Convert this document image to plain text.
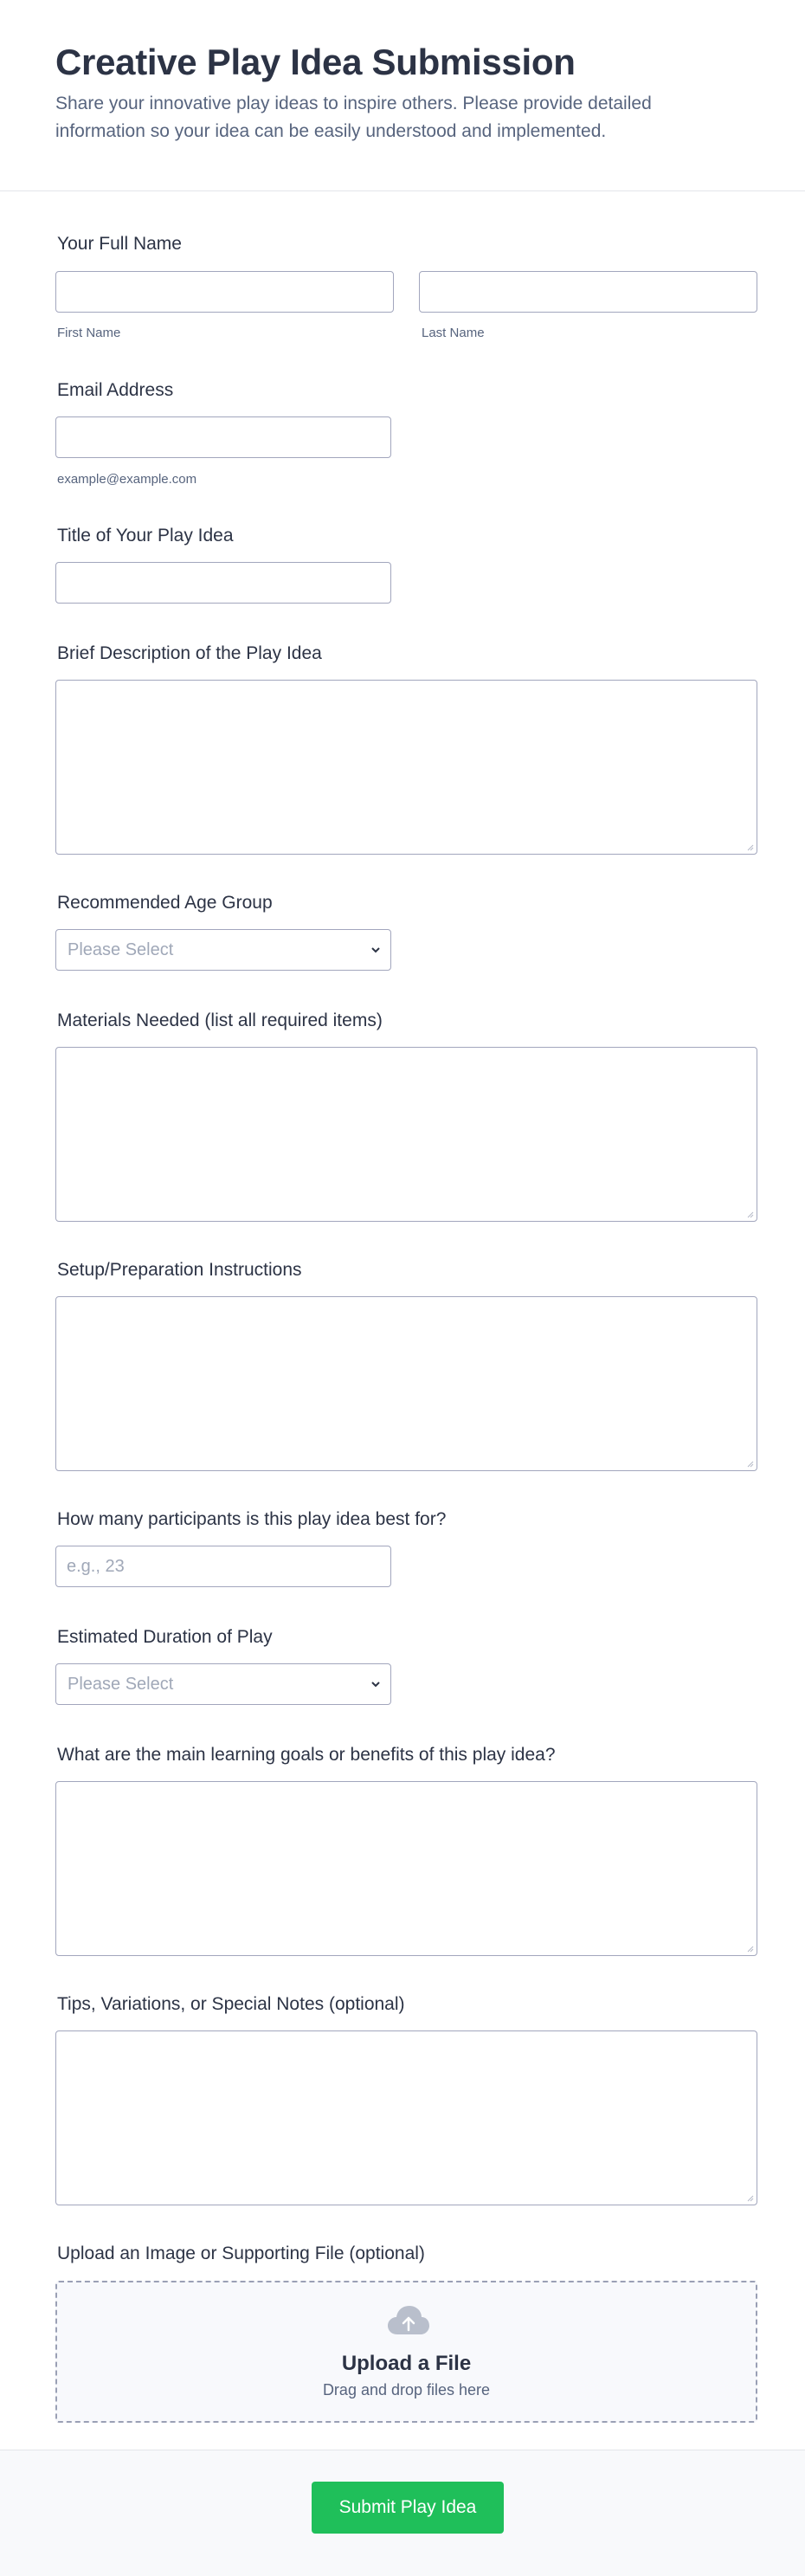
Creative Play Idea Submission
Share your innovative play ideas to inspire others. Please provide detailed information so your idea can be easily understood and implemented.
Your Full Name
First Name	Last Name
Email Address
example@example.com
Title of Your Play Idea
Brief Description of the Play Idea
Recommended Age Group
Please Select
Materials Needed (list all required items)
Setup/Preparation Instructions
How many participants is this play idea best for?
e.g., 23
Estimated Duration of Play
Please Select
What are the main learning goals or benefits of this play idea?
Tips, Variations, or Special Notes (optional)
Upload an Image or Supporting File (optional)
Upload a File
Drag and drop files here
Submit Play Idea
